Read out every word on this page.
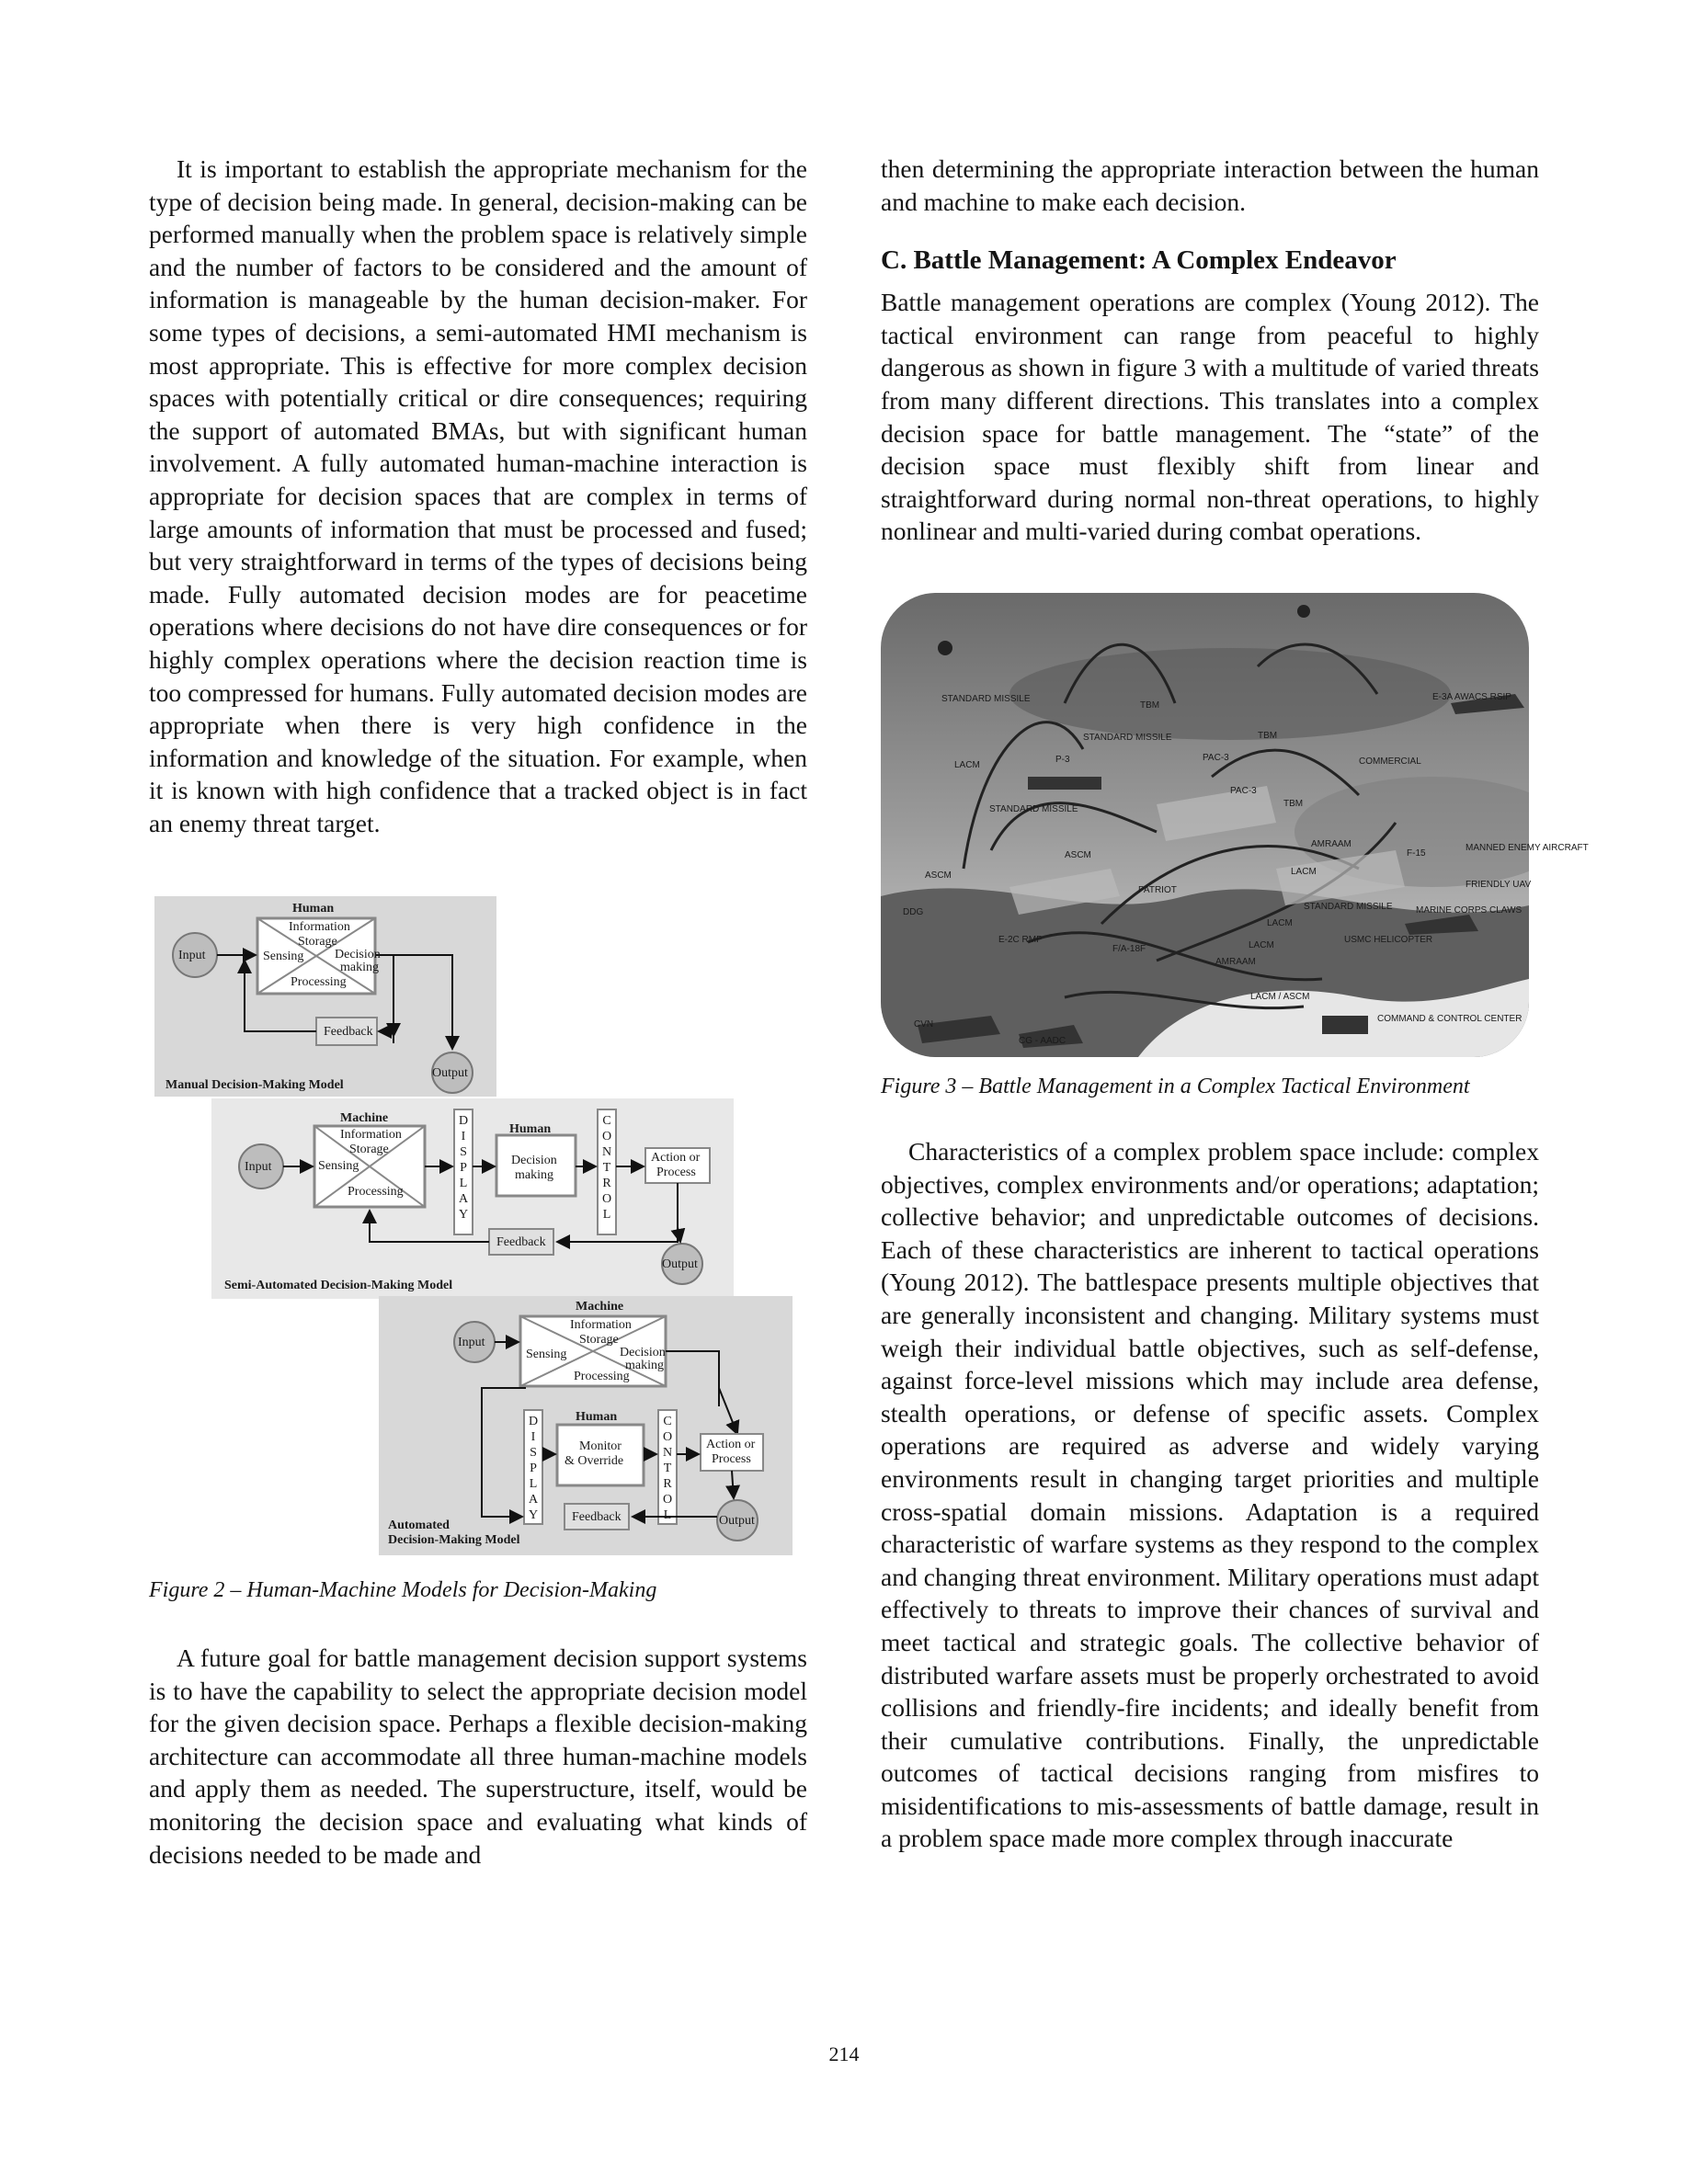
It is important to establish the appropriate mechanism for the type of decision being made. In general, decision-making can be performed manually when the problem space is relatively simple and the number of factors to be considered and the amount of information is manageable by the human decision-maker. For some types of decisions, a semi-automated HMI mechanism is most appropriate. This is effective for more complex decision spaces with potentially critical or dire consequences; requiring the support of automated BMAs, but with significant human involvement. A fully automated human-machine interaction is appropriate for decision spaces that are complex in terms of large amounts of information that must be processed and fused; but very straightforward in terms of the types of decisions being made. Fully automated decision modes are for peacetime operations where decisions do not have dire consequences or for highly complex operations where the decision reaction time is too compressed for humans. Fully automated decision modes are appropriate when there is very high confidence in the information and knowledge of the situation. For example, when it is known with high confidence that a tracked object is in fact an enemy threat target.

Human
Information
Storage
Sensing Decision
making
Processing
Input
Feedback
Output
Manual Decision-Making Model
Machine
Information
Storage
Sensing
Processing
Input
DISPLAY
Human
Decision
making
CONTROL
Action or
Process
Feedback
Output
Semi-Automated Decision-Making Model
Machine
Information
Storage
Sensing	Decision
making
Processing
Input
Human
DISPLAY
Monitor
& Override
CONTROL
Action or
Process
Feedback	Output
Automated
Decision-Making Model
Figure 2 – Human-Machine Models for Decision-Making

A future goal for battle management decision support systems is to have the capability to select the appropriate decision model for the given decision space. Perhaps a flexible decision-making architecture can accommodate all three human-machine models and apply them as needed. The superstructure, itself, would be monitoring the decision space and evaluating what kinds of decisions needed to be made and

then determining the appropriate interaction between the human and machine to make each decision.

C. Battle Management: A Complex Endeavor

Battle management operations are complex (Young 2012). The tactical environment can range from peaceful to highly dangerous as shown in figure 3 with a multitude of varied threats from many different directions. This translates into a complex decision space for battle management. The “state” of the decision space must flexibly shift from linear and straightforward during normal non-threat operations, to highly nonlinear and multi-varied during combat operations.

STANDARD MISSILE
TBM
E-3A AWACS RSIP
STANDARD MISSILE
LACM
P-3	PAC-3
TBM
COMMERCIAL
PAC-3
TBM
STANDARD MISSILE
AMRAAM
F-15
MANNED ENEMY AIRCRAFT
FRIENDLY UAV
ASCM
ASCM	LACM
PATRIOT
DDG
STANDARD MISSILE
LACM
MARINE CORPS CLAWS
E-2C RMP
F/A-18F	LACM
USMC HELICOPTER
AMRAAM
LACM / ASCM
CVN
CG - AADC
COMMAND & CONTROL CENTER
Figure 3 – Battle Management in a Complex Tactical Environment

Characteristics of a complex problem space include: complex objectives, complex environments and/or operations; adaptation; collective behavior; and unpredictable outcomes of decisions. Each of these characteristics are inherent to tactical operations (Young 2012). The battlespace presents multiple objectives that are generally inconsistent and changing. Military systems must weigh their individual battle objectives, such as self-defense, against force-level missions which may include area defense, stealth operations, or defense of specific assets. Complex operations are required as adverse and widely varying environments result in changing target priorities and multiple cross-spatial domain missions. Adaptation is a required characteristic of warfare systems as they respond to the complex and changing threat environment. Military operations must adapt effectively to threats to improve their chances of survival and meet tactical and strategic goals. The collective behavior of distributed warfare assets must be properly orchestrated to avoid collisions and friendly-fire incidents; and ideally benefit from their cumulative contributions. Finally, the unpredictable outcomes of tactical decisions ranging from misfires to misidentifications to mis-assessments of battle damage, result in a problem space made more complex through inaccurate

214
